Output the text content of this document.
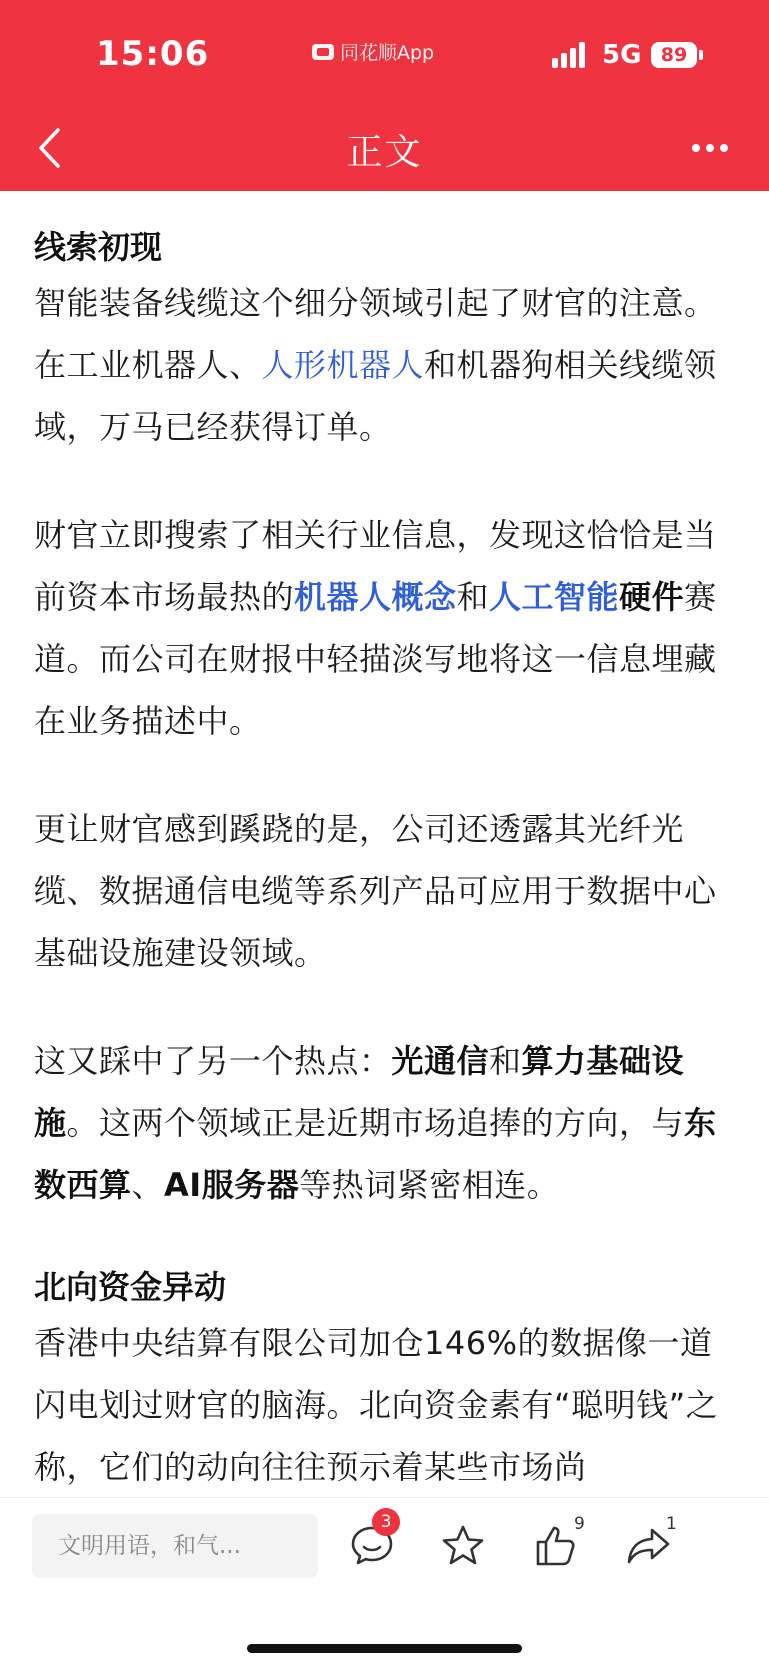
15:06	同花顺App	5G	89
正文
线索初现

智能装备线缆这个细分领域引起了财官的注意。在工业机器人、人形机器人和机器狗相关线缆领域，万马已经获得订单。

财官立即搜索了相关行业信息，发现这恰恰是当前资本市场最热的机器人概念和人工智能硬件赛道。而公司在财报中轻描淡写地将这一信息埋藏在业务描述中。

更让财官感到蹊跷的是，公司还透露其光纤光缆、数据通信电缆等系列产品可应用于数据中心基础设施建设领域。

这又踩中了另一个热点：光通信和算力基础设施。这两个领域正是近期市场追捧的方向，与东数西算、AI服务器等热词紧密相连。

北向资金异动

香港中央结算有限公司加仓146%的数据像一道闪电划过财官的脑海。北向资金素有“聪明钱”之称，它们的动向往往预示着某些市场尚

文明用语，和气...
3	9	1
